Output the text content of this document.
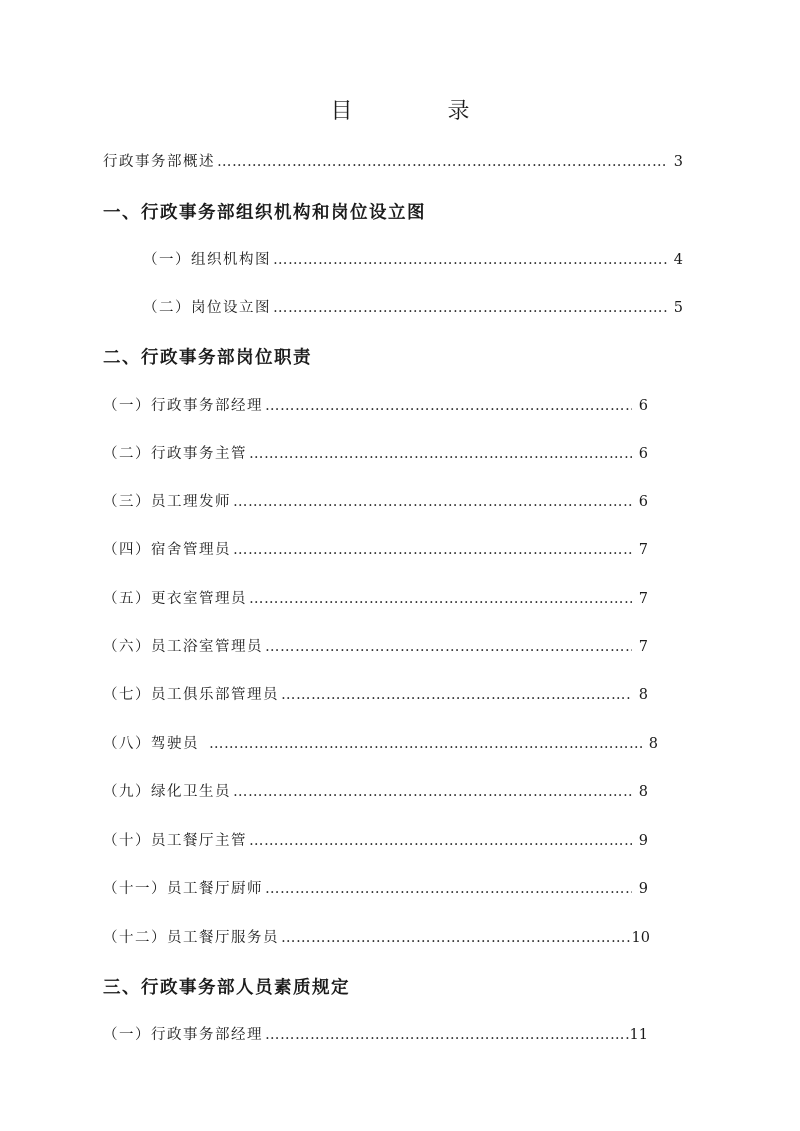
目 录
行政事务部概述 ……………………………………………………………………………………………………………………………………………………	3
一、行政事务部组织机构和岗位设立图
（一）组织机构图 ……………………………………………………………………………………………………………………………………………………	4
（二）岗位设立图 ……………………………………………………………………………………………………………………………………………………	5
二、行政事务部岗位职责
（一）行政事务部经理 ……………………………………………………………………………………………………………………………………………………	6
（二）行政事务主管 ……………………………………………………………………………………………………………………………………………………	6
（三）员工理发师 ……………………………………………………………………………………………………………………………………………………	6
（四）宿舍管理员 ……………………………………………………………………………………………………………………………………………………	7
（五）更衣室管理员 ……………………………………………………………………………………………………………………………………………………	7
（六）员工浴室管理员 ……………………………………………………………………………………………………………………………………………………	7
（七）员工俱乐部管理员 ……………………………………………………………………………………………………………………………………………………	8
（八）驾驶员 ……………………………………………………………………………………………………………………………………………………	8
（九）绿化卫生员 ……………………………………………………………………………………………………………………………………………………	8
（十）员工餐厅主管 ……………………………………………………………………………………………………………………………………………………	9
（十一）员工餐厅厨师 ……………………………………………………………………………………………………………………………………………………	9
（十二）员工餐厅服务员 ……………………………………………………………………………………………………………………………………………………	10
三、行政事务部人员素质规定
（一）行政事务部经理 ……………………………………………………………………………………………………………………………………………………	11
